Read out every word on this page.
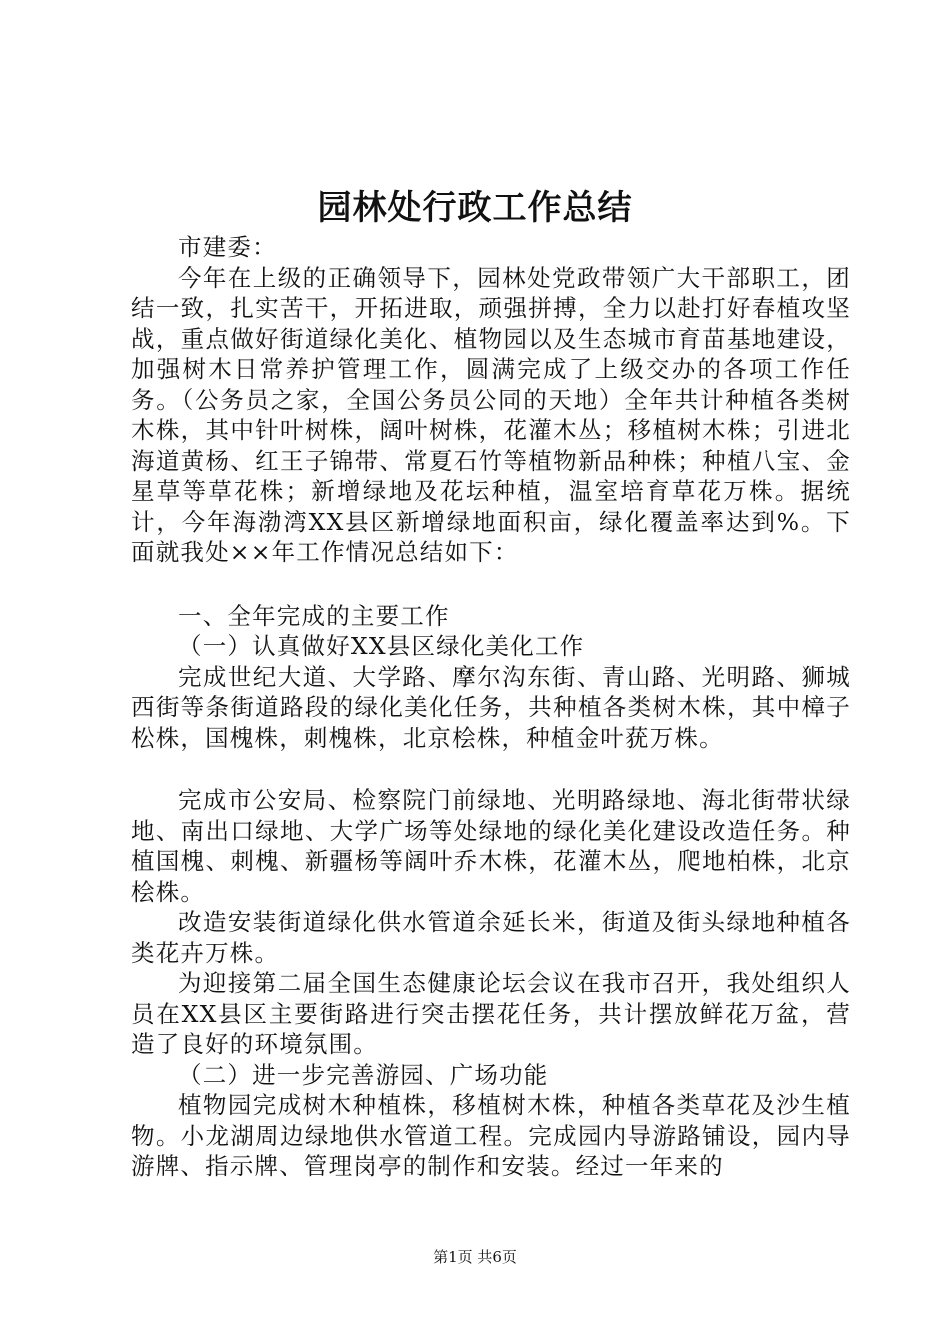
园林处行政工作总结

市建委：

今年在上级的正确领导下，园林处党政带领广大干部职工，团结一致，扎实苦干，开拓进取，顽强拼搏，全力以赴打好春植攻坚战，重点做好街道绿化美化、植物园以及生态城市育苗基地建设，加强树木日常养护管理工作，圆满完成了上级交办的各项工作任务。（公务员之家，全国公务员公同的天地）全年共计种植各类树木株，其中针叶树株，阔叶树株，花灌木丛；移植树木株；引进北海道黄杨、红王子锦带、常夏石竹等植物新品种株；种植八宝、金星草等草花株；新增绿地及花坛种植，温室培育草花万株。据统计，今年海渤湾XX县区新增绿地面积亩，绿化覆盖率达到%。下面就我处××年工作情况总结如下：

一、全年完成的主要工作

（一）认真做好XX县区绿化美化工作

完成世纪大道、大学路、摩尔沟东街、青山路、光明路、狮城西街等条街道路段的绿化美化任务，共种植各类树木株，其中樟子松株，国槐株，刺槐株，北京桧株，种植金叶莸万株。

完成市公安局、检察院门前绿地、光明路绿地、海北街带状绿地、南出口绿地、大学广场等处绿地的绿化美化建设改造任务。种植国槐、刺槐、新疆杨等阔叶乔木株，花灌木丛，爬地柏株，北京桧株。

改造安装街道绿化供水管道余延长米，街道及街头绿地种植各类花卉万株。

为迎接第二届全国生态健康论坛会议在我市召开，我处组织人员在XX县区主要街路进行突击摆花任务，共计摆放鲜花万盆，营造了良好的环境氛围。

（二）进一步完善游园、广场功能

植物园完成树木种植株，移植树木株，种植各类草花及沙生植物。小龙湖周边绿地供水管道工程。完成园内导游路铺设，园内导游牌、指示牌、管理岗亭的制作和安装。经过一年来的

第1页 共6页
